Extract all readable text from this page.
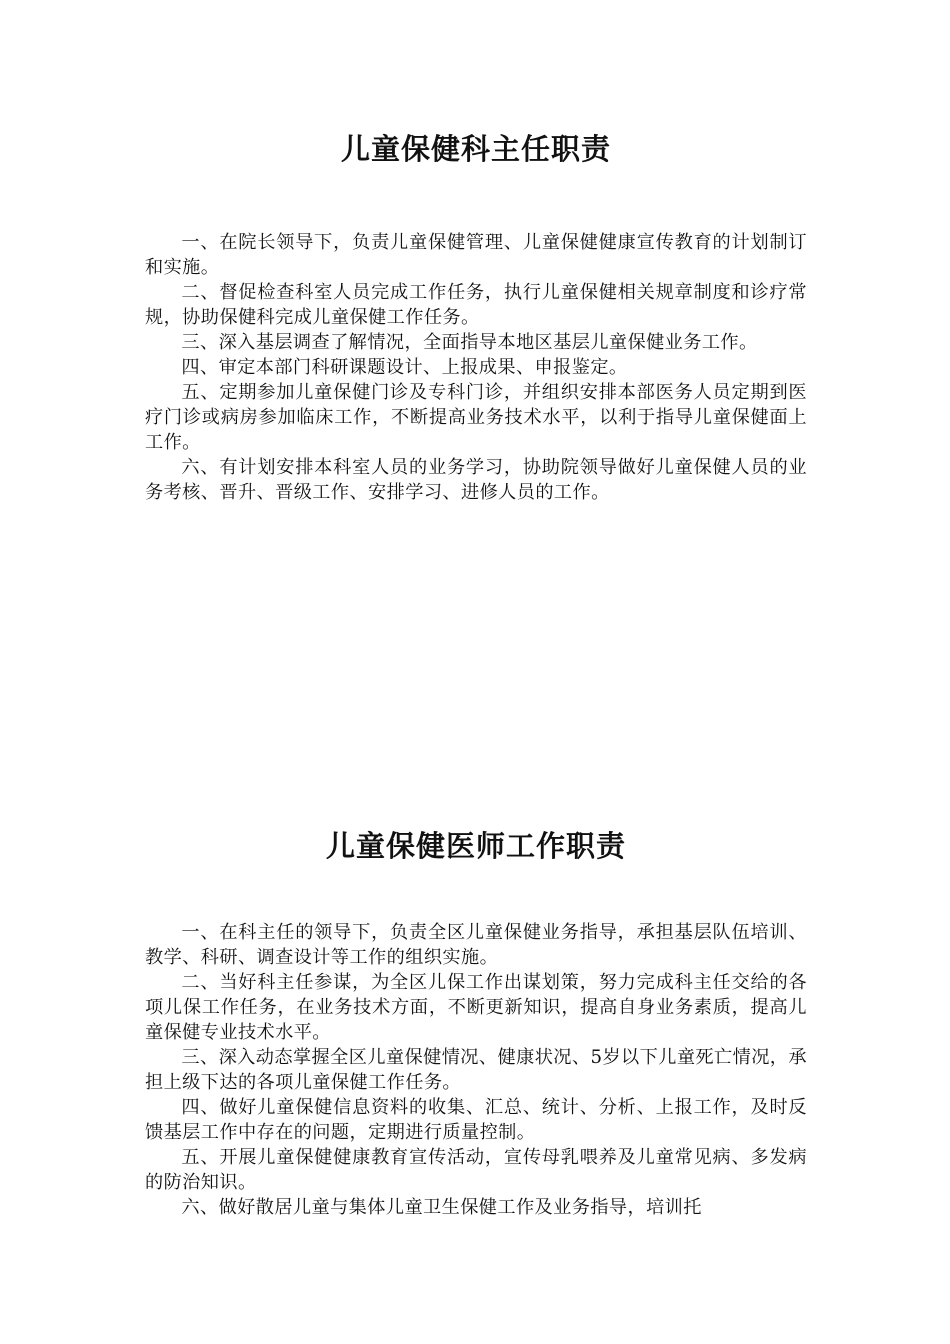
儿童保健科主任职责

一、在院长领导下，负责儿童保健管理、儿童保健健康宣传教育的计划制订和实施。

二、督促检查科室人员完成工作任务，执行儿童保健相关规章制度和诊疗常规，协助保健科完成儿童保健工作任务。

三、深入基层调查了解情况，全面指导本地区基层儿童保健业务工作。

四、审定本部门科研课题设计、上报成果、申报鉴定。

五、定期参加儿童保健门诊及专科门诊，并组织安排本部医务人员定期到医疗门诊或病房参加临床工作，不断提高业务技术水平，以利于指导儿童保健面上工作。

六、有计划安排本科室人员的业务学习，协助院领导做好儿童保健人员的业务考核、晋升、晋级工作、安排学习、进修人员的工作。

儿童保健医师工作职责

一、在科主任的领导下，负责全区儿童保健业务指导，承担基层队伍培训、教学、科研、调查设计等工作的组织实施。

二、当好科主任参谋，为全区儿保工作出谋划策，努力完成科主任交给的各项儿保工作任务，在业务技术方面，不断更新知识，提高自身业务素质，提高儿童保健专业技术水平。

三、深入动态掌握全区儿童保健情况、健康状况、5岁以下儿童死亡情况，承担上级下达的各项儿童保健工作任务。

四、做好儿童保健信息资料的收集、汇总、统计、分析、上报工作，及时反馈基层工作中存在的问题，定期进行质量控制。

五、开展儿童保健健康教育宣传活动，宣传母乳喂养及儿童常见病、多发病的防治知识。

六、做好散居儿童与集体儿童卫生保健工作及业务指导，培训托
